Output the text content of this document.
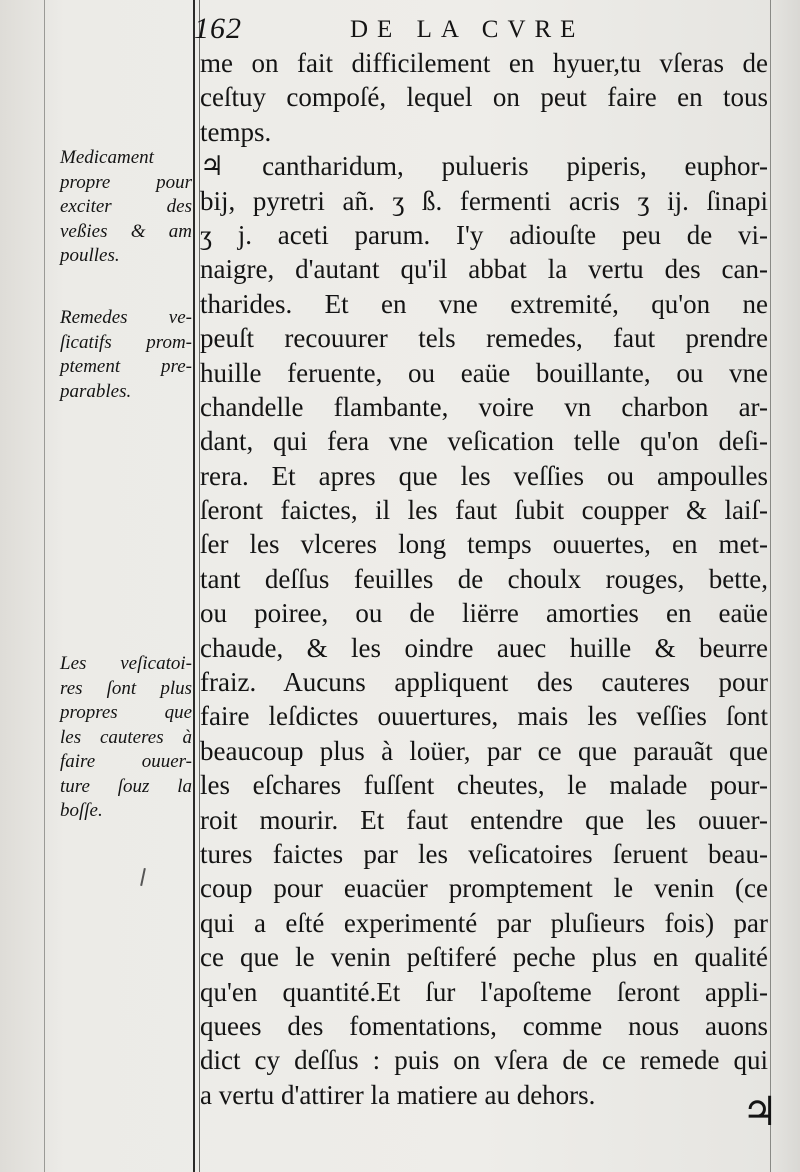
162	DE LA CVRE
me on fait difficilement en hyuer,tu vſeras de
ceſtuy compoſé, lequel on peut faire en tous
temps.
♃ cantharidum, pulueris piperis, euphor-
bij, pyretri añ. ʒ ß. fermenti acris ʒ ij. ſinapi
ʒ j. aceti parum. I'y adiouſte peu de vi-
naigre, d'autant qu'il abbat la vertu des can-
tharides. Et en vne extremité, qu'on ne
peuſt recouurer tels remedes, faut prendre
huille feruente, ou eaüe bouillante, ou vne
chandelle flambante, voire vn charbon ar-
dant, qui fera vne veſication telle qu'on deſi-
rera. Et apres que les veſſies ou ampoulles
ſeront faictes, il les faut ſubit coupper & laiſ-
ſer les vlceres long temps ouuertes, en met-
tant deſſus feuilles de choulx rouges, bette,
ou poiree, ou de liërre amorties en eaüe
chaude, & les oindre auec huille & beurre
fraiz. Aucuns appliquent des cauteres pour
faire leſdictes ouuertures, mais les veſſies ſont
beaucoup plus à loüer, par ce que parauãt que
les eſchares fuſſent cheutes, le malade pour-
roit mourir. Et faut entendre que les ouuer-
tures faictes par les veſicatoires ſeruent beau-
coup pour euacüer promptement le venin (ce
qui a eſté experimenté par pluſieurs fois) par
ce que le venin peſtiferé peche plus en qualité
qu'en quantité.Et ſur l'apoſteme ſeront appli-
quees des fomentations, comme nous auons
dict cy deſſus : puis on vſera de ce remede qui
a vertu d'attirer la matiere au dehors.
Medicament
propre pour
exciter des
veßies & am
poulles.
Remedes ve-
ſicatifs prom-
ptement pre-
parables.
Les veſicatoi-
res ſont plus
propres que
les cauteres à
faire ouuer-
ture ſouz la
boſſe.
♃
